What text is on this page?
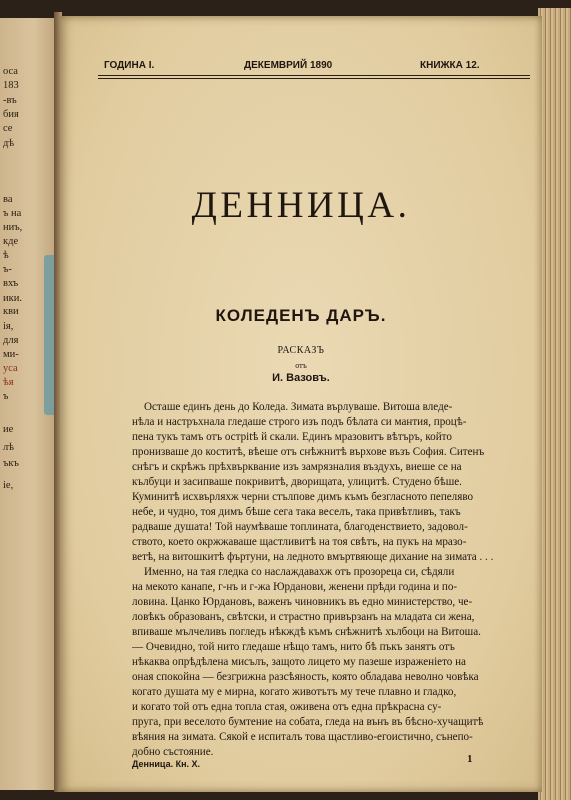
оса
183
-въ
бия
се
дѣ
ва
ъ на
ниъ,
кде
ѣ
ъ-
вхъ
ики.
кви
ія,
для
ми-
уса
ѣя
ъ
ие
лѣ
ъкъ
ie,
ГОДИНА I.	ДЕКЕМВРИЙ 1890	КНИЖКА 12.
ДЕННИЦА.
КОЛЕДЕНЪ ДАРЪ.
РАСКАЗЪ
отъ
И. Вазовъ.
Осташе единъ день до Коледа. Зимата върлуваше. Витоша вледе-
нѣла и настръхнала гледаше строго изъ подъ бѣлата си мантия, процѣ-
пена тукъ тамъ отъ острitѣ й скали. Единъ мразовитъ вѣтъръ, който
пронизваше до коститѣ, вѣеше отъ снѣжнитѣ върхове възъ София. Ситенъ
снѣгъ и скрѣжъ прѣхвърквание изъ замрязналия въздухъ, виеше се на
кълбуци и засипваше покривитѣ, дворищата, улицитѣ. Студено бѣше.
Куминитѣ исхвърляхж черни стълпове димъ къмъ безгласното пепеляво
небе, и чудно, тоя димъ бѣше сега така веселъ, така привѣтливъ, такъ
радваше душата! Той наумѣваше топлината, благоденствието, задовол-
ството, което окржжаваше щастливитѣ на тоя свѣтъ, на пукъ на мразо-
ветѣ, на витошкитѣ фъртуни, на ледното вмъртвяюще дихание на зимата . . .
Именно, на тая гледка со наслаждавахж отъ прозореца си, сѣдяли
на мекото канапе, г-нъ и г-жа Юрданови, женени прѣди година и по-
ловина. Цанко Юрдановъ, важенъ чиновникъ въ едно министерство, че-
ловѣкъ образованъ, свѣтски, и страстно привързанъ на младата си жена,
впиваше мълчеливъ погледъ нѣкждѣ къмъ снѣжнитѣ хълбоци на Витоша.
— Очевидно, той нито гледаше нѣщо тамъ, нито бѣ пъкъ занятъ отъ
нѣкаква опрѣдѣлена мисълъ, защото лицето му пазеше израженіето на
оная спокойна — безгрижна разсѣяность, която обладава неволно човѣка
когато душата му е мирна, когато животътъ му тече плавно и гладко,
и когато той отъ една топла стая, оживена отъ една прѣкрасна су-
пруга, при веселото бумтение на собата, гледа на вънъ въ бѣсно-хучащитѣ
вѣяния на зимата. Сякой е испиталъ това щастливо-егоистично, сънепо-
добно състояние.
Денница. Кн. X.	1
